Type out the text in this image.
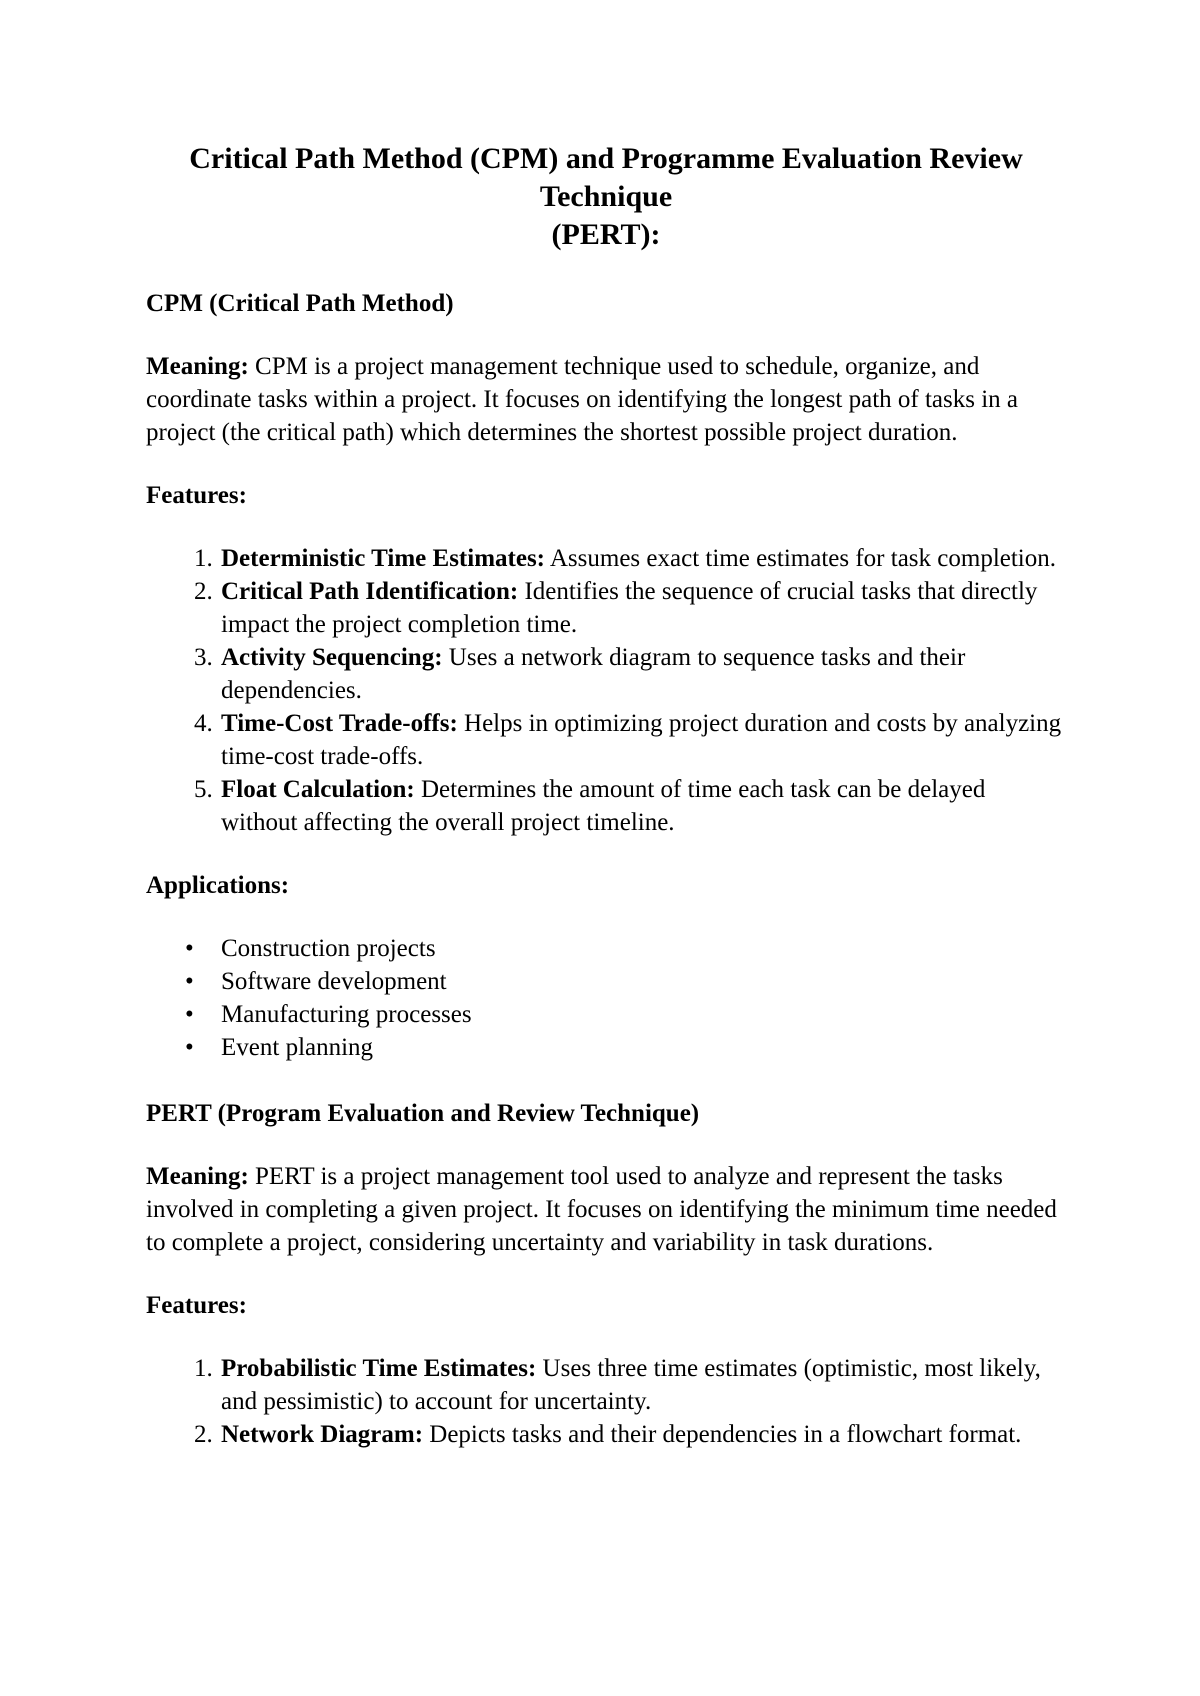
Critical Path Method (CPM) and Programme Evaluation Review
Technique
(PERT):
CPM (Critical Path Method)

Meaning: CPM is a project management technique used to schedule, organize, and coordinate tasks within a project. It focuses on identifying the longest path of tasks in a project (the critical path) which determines the shortest possible project duration.

Features:
1. Deterministic Time Estimates: Assumes exact time estimates for task completion.
2. Critical Path Identification: Identifies the sequence of crucial tasks that directly impact the project completion time.
3. Activity Sequencing: Uses a network diagram to sequence tasks and their dependencies.
4. Time-Cost Trade-offs: Helps in optimizing project duration and costs by analyzing time-cost trade-offs.
5. Float Calculation: Determines the amount of time each task can be delayed without affecting the overall project timeline.
Applications:
• Construction projects
• Software development
• Manufacturing processes
• Event planning
PERT (Program Evaluation and Review Technique)

Meaning: PERT is a project management tool used to analyze and represent the tasks involved in completing a given project. It focuses on identifying the minimum time needed to complete a project, considering uncertainty and variability in task durations.

Features:
1. Probabilistic Time Estimates: Uses three time estimates (optimistic, most likely, and pessimistic) to account for uncertainty.
2. Network Diagram: Depicts tasks and their dependencies in a flowchart format.
